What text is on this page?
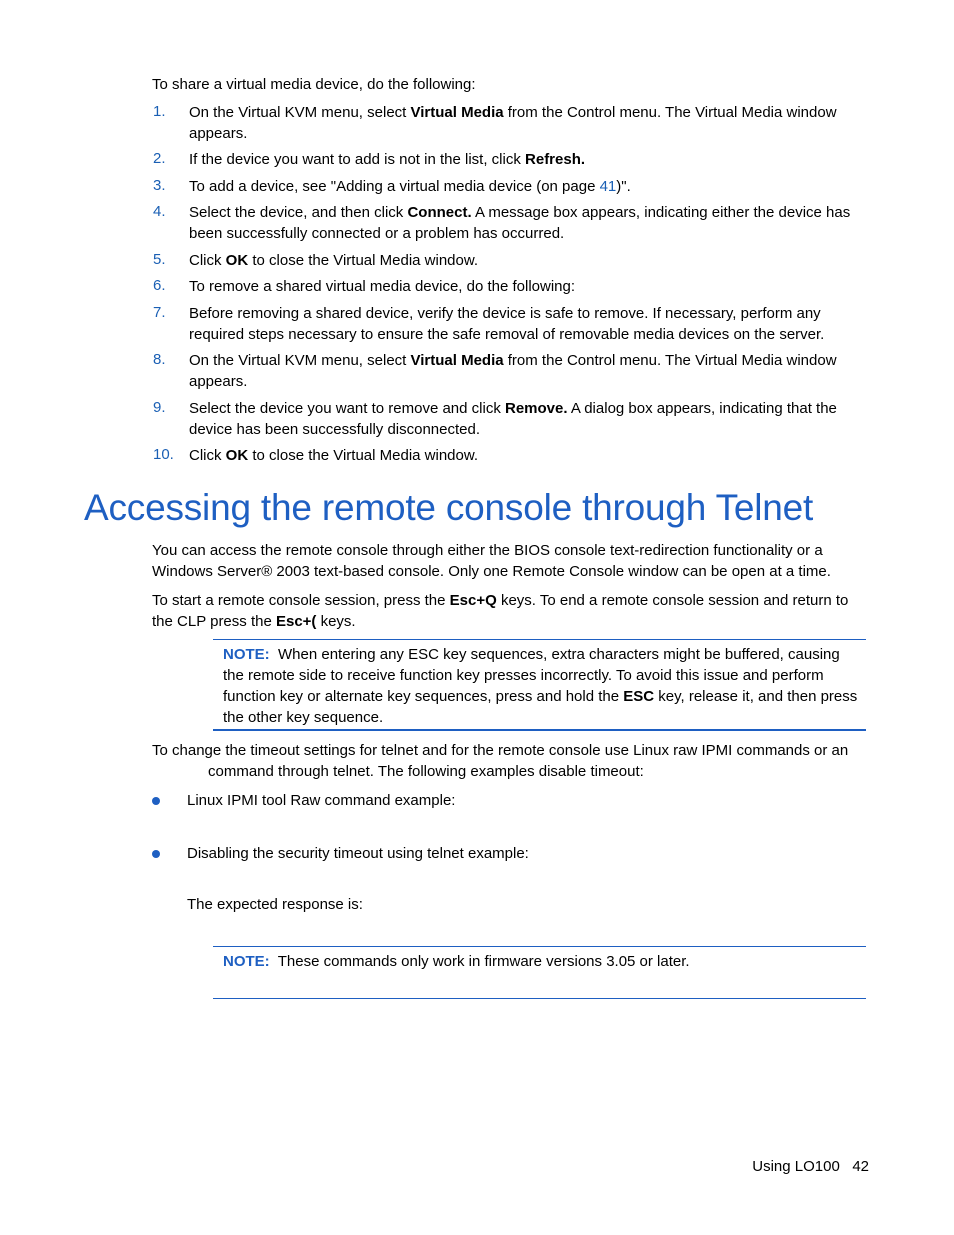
To share a virtual media device, do the following:
1. On the Virtual KVM menu, select Virtual Media from the Control menu. The Virtual Media window appears.
2. If the device you want to add is not in the list, click Refresh.
3. To add a device, see "Adding a virtual media device (on page 41)".
4. Select the device, and then click Connect. A message box appears, indicating either the device has been successfully connected or a problem has occurred.
5. Click OK to close the Virtual Media window.
6. To remove a shared virtual media device, do the following:
7. Before removing a shared device, verify the device is safe to remove. If necessary, perform any required steps necessary to ensure the safe removal of removable media devices on the server.
8. On the Virtual KVM menu, select Virtual Media from the Control menu. The Virtual Media window appears.
9. Select the device you want to remove and click Remove. A dialog box appears, indicating that the device has been successfully disconnected.
10. Click OK to close the Virtual Media window.
Accessing the remote console through Telnet
You can access the remote console through either the BIOS console text-redirection functionality or a Windows Server® 2003 text-based console. Only one Remote Console window can be open at a time.
To start a remote console session, press the Esc+Q keys. To end a remote console session and return to the CLP press the Esc+( keys.
NOTE: When entering any ESC key sequences, extra characters might be buffered, causing the remote side to receive function key presses incorrectly. To avoid this issue and perform function key or alternate key sequences, press and hold the ESC key, release it, and then press the other key sequence.
To change the timeout settings for telnet and for the remote console use Linux raw IPMI commands or an
command through telnet. The following examples disable timeout:
Linux IPMI tool Raw command example:
Disabling the security timeout using telnet example:
The expected response is:
NOTE: These commands only work in firmware versions 3.05 or later.
Using LO100 42
